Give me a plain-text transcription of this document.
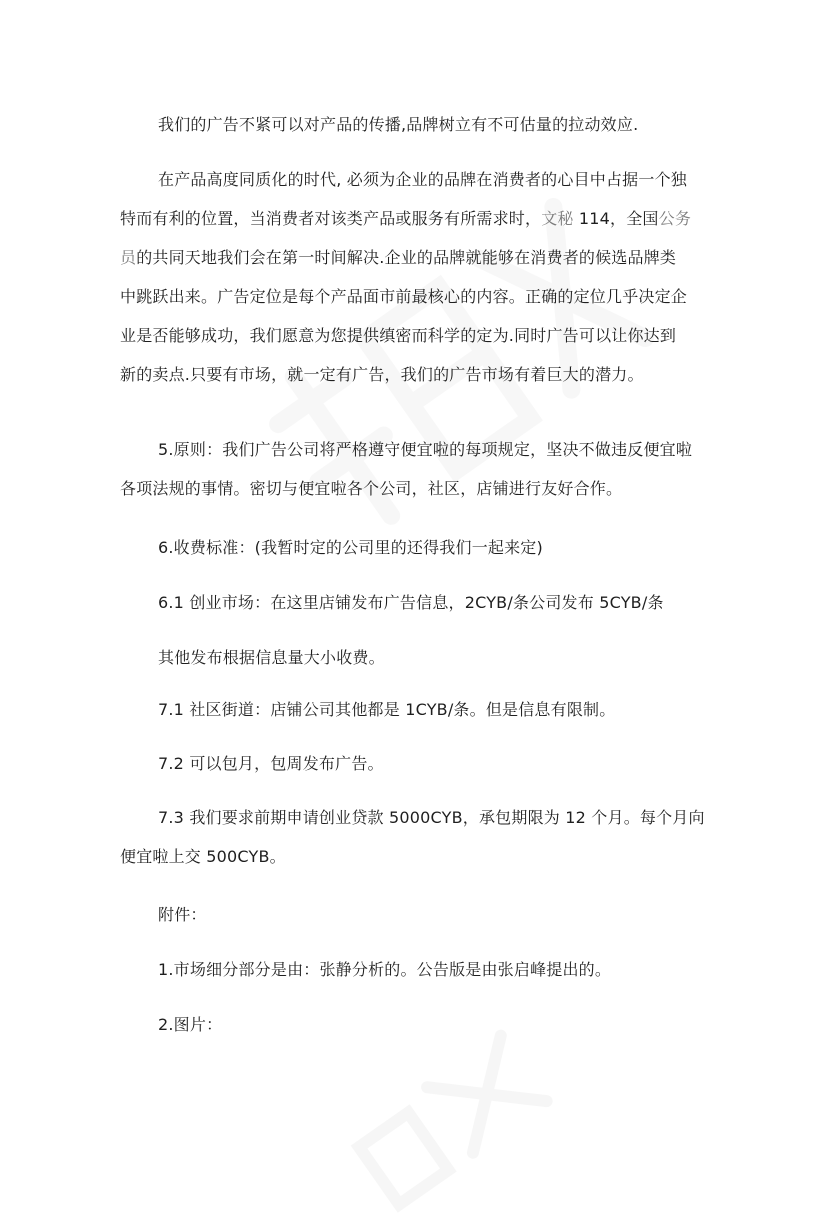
我们的广告不紧可以对产品的传播,品牌树立有不可估量的拉动效应.

在产品高度同质化的时代, 必须为企业的品牌在消费者的心目中占据一个独
特而有利的位置，当消费者对该类产品或服务有所需求时，文秘 114，全国公务
员的共同天地我们会在第一时间解决.企业的品牌就能够在消费者的候选品牌类
中跳跃出来。广告定位是每个产品面市前最核心的内容。正确的定位几乎决定企
业是否能够成功，我们愿意为您提供缜密而科学的定为.同时广告可以让你达到
新的卖点.只要有市场，就一定有广告，我们的广告市场有着巨大的潜力。

5.原则：我们广告公司将严格遵守便宜啦的每项规定，坚决不做违反便宜啦
各项法规的事情。密切与便宜啦各个公司，社区，店铺进行友好合作。

6.收费标准：(我暂时定的公司里的还得我们一起来定)

6.1 创业市场：在这里店铺发布广告信息，2CYB/条公司发布 5CYB/条

其他发布根据信息量大小收费。

7.1 社区街道：店铺公司其他都是 1CYB/条。但是信息有限制。

7.2 可以包月，包周发布广告。

7.3 我们要求前期申请创业贷款 5000CYB，承包期限为 12 个月。每个月向
便宜啦上交 500CYB。

附件：

1.市场细分部分是由：张静分析的。公告版是由张启峰提出的。

2.图片：
